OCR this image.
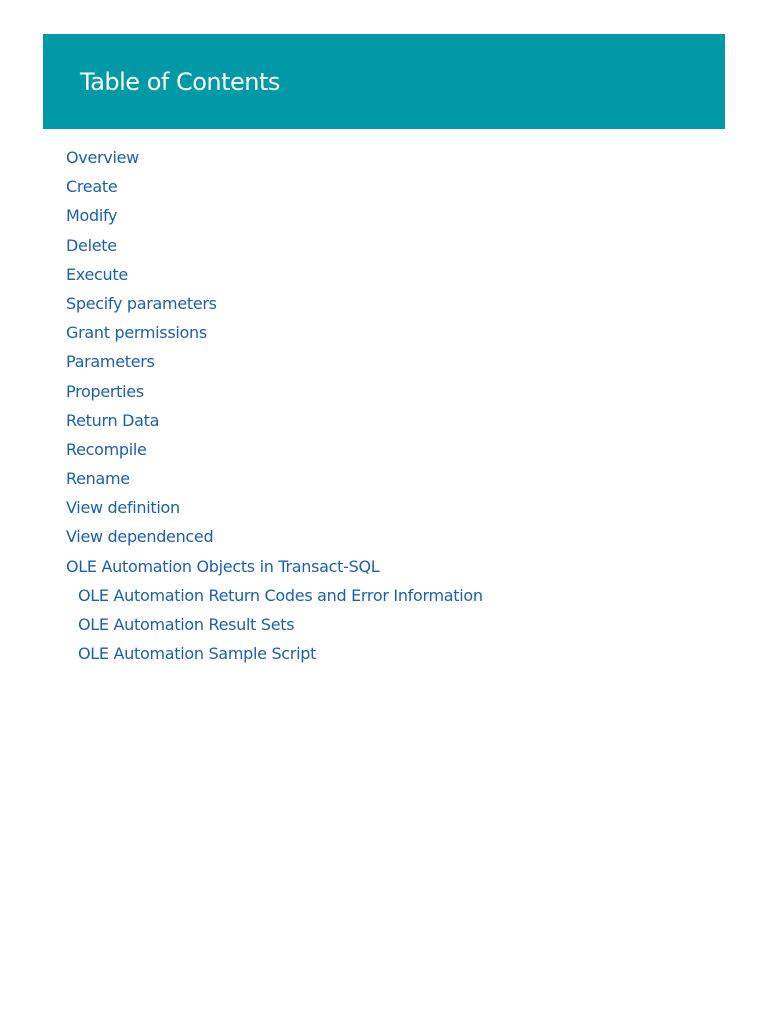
Table of Contents
Overview
Create
Modify
Delete
Execute
Specify parameters
Grant permissions
Parameters
Properties
Return Data
Recompile
Rename
View definition
View dependenced
OLE Automation Objects in Transact-SQL
OLE Automation Return Codes and Error Information
OLE Automation Result Sets
OLE Automation Sample Script
